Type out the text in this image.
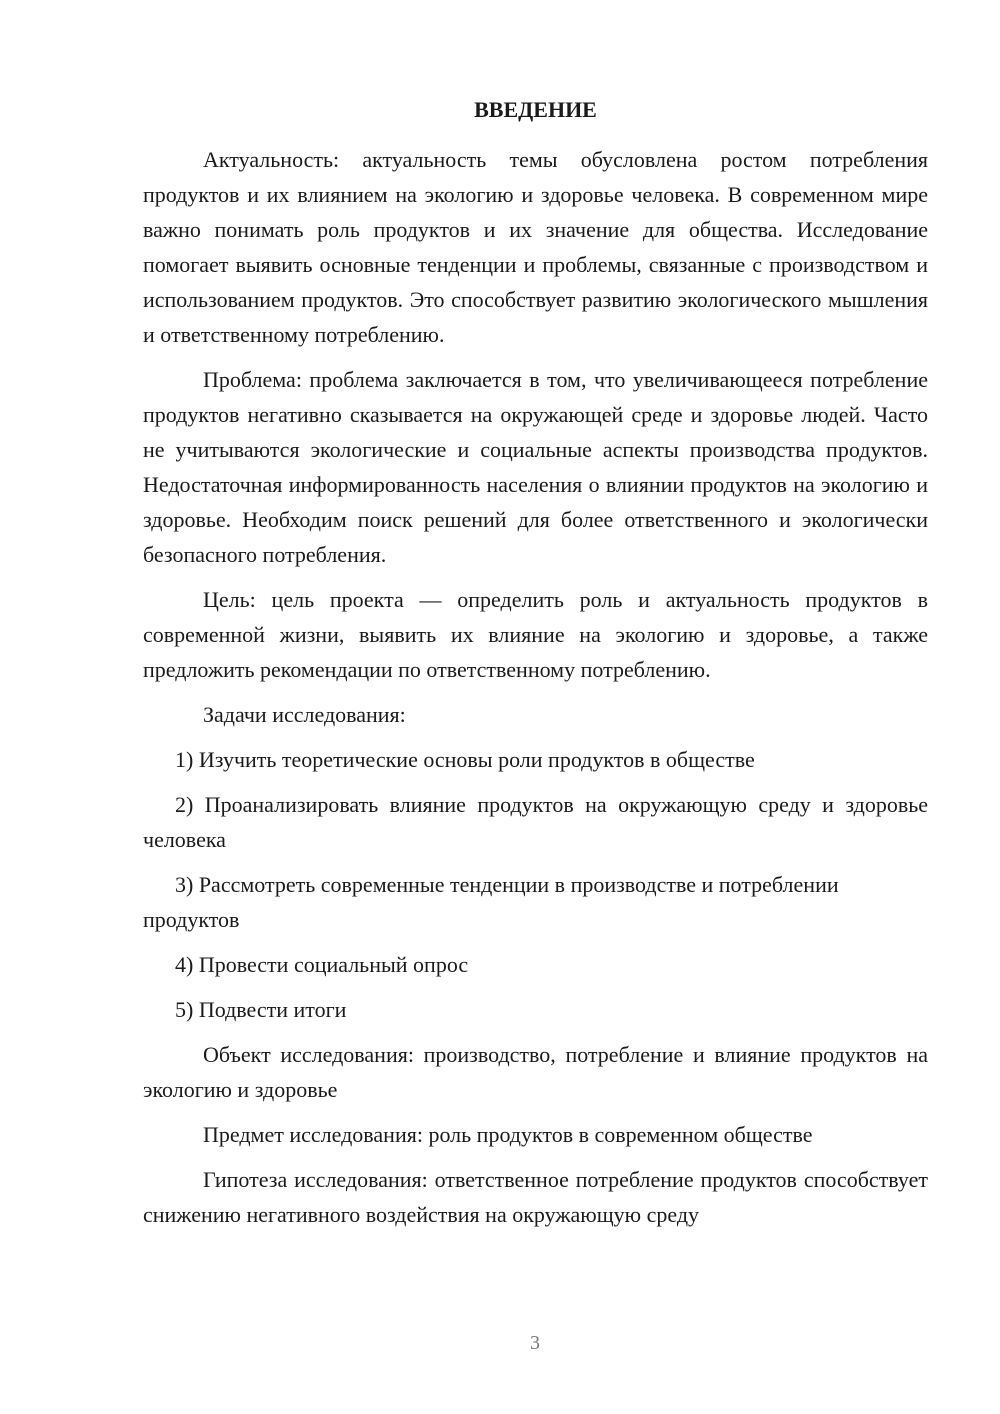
ВВЕДЕНИЕ

Актуальность: актуальность темы обусловлена ростом потребления продуктов и их влиянием на экологию и здоровье человека. В современном мире важно понимать роль продуктов и их значение для общества. Исследование помогает выявить основные тенденции и проблемы, связанные с производством и использованием продуктов. Это способствует развитию экологического мышления и ответственному потреблению.

Проблема: проблема заключается в том, что увеличивающееся потребление продуктов негативно сказывается на окружающей среде и здоровье людей. Часто не учитываются экологические и социальные аспекты производства продуктов. Недостаточная информированность населения о влиянии продуктов на экологию и здоровье. Необходим поиск решений для более ответственного и экологически безопасного потребления.

Цель: цель проекта — определить роль и актуальность продуктов в современной жизни, выявить их влияние на экологию и здоровье, а также предложить рекомендации по ответственному потреблению.

Задачи исследования:

1) Изучить теоретические основы роли продуктов в обществе

2) Проанализировать влияние продуктов на окружающую среду и здоровье человека

3) Рассмотреть современные тенденции в производстве и потреблении продуктов

4) Провести социальный опрос

5) Подвести итоги

Объект исследования: производство, потребление и влияние продуктов на экологию и здоровье

Предмет исследования: роль продуктов в современном обществе

Гипотеза исследования: ответственное потребление продуктов способствует снижению негативного воздействия на окружающую среду

3
